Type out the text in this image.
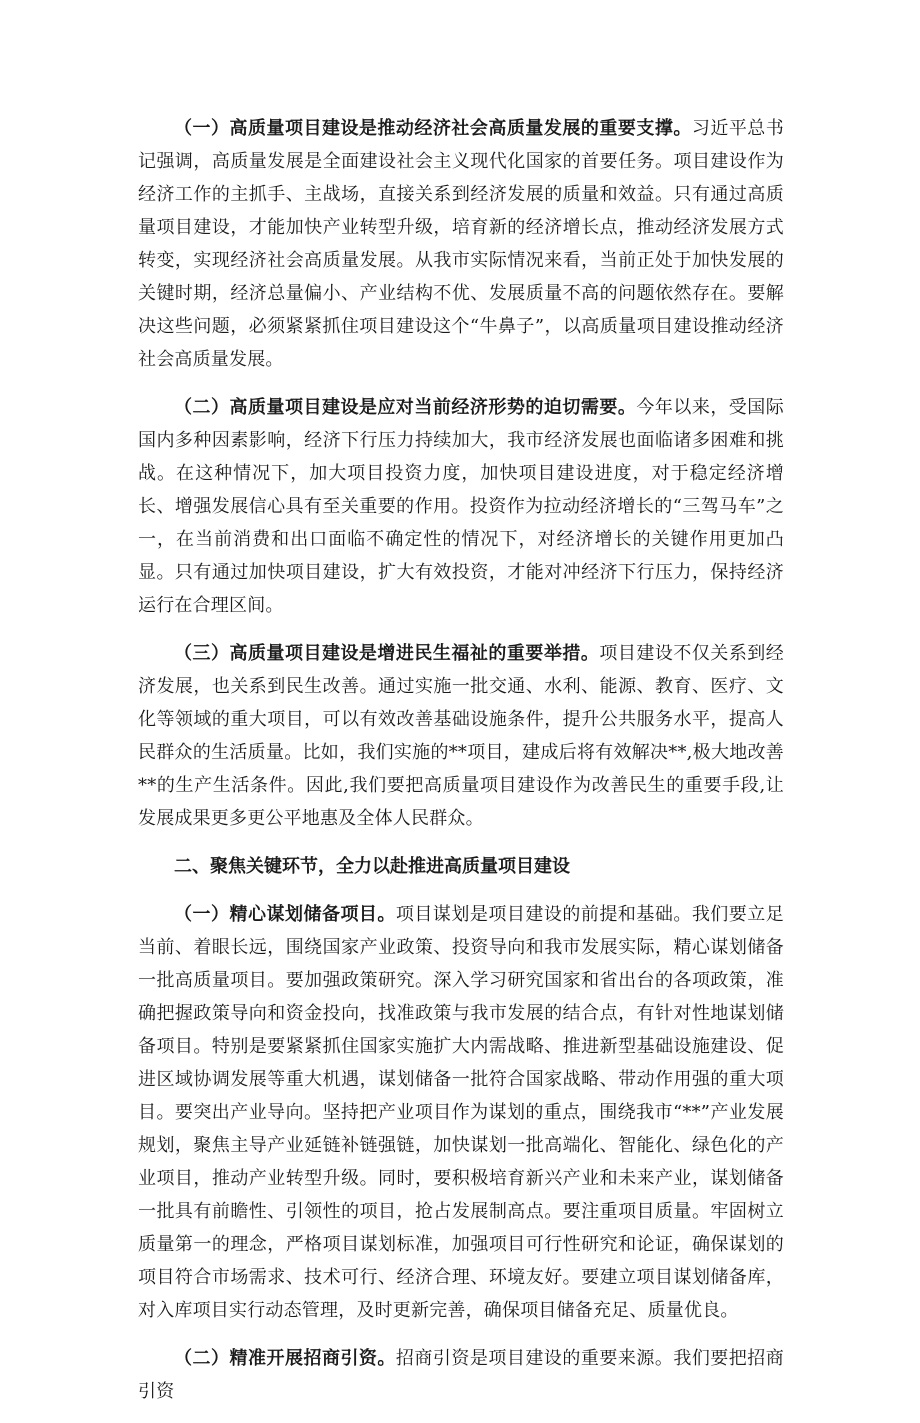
（一）高质量项目建设是推动经济社会高质量发展的重要支撑。习近平总书记强调，高质量发展是全面建设社会主义现代化国家的首要任务。项目建设作为经济工作的主抓手、主战场，直接关系到经济发展的质量和效益。只有通过高质量项目建设，才能加快产业转型升级，培育新的经济增长点，推动经济发展方式转变，实现经济社会高质量发展。从我市实际情况来看，当前正处于加快发展的关键时期，经济总量偏小、产业结构不优、发展质量不高的问题依然存在。要解决这些问题，必须紧紧抓住项目建设这个“牛鼻子”，以高质量项目建设推动经济社会高质量发展。

（二）高质量项目建设是应对当前经济形势的迫切需要。今年以来，受国际国内多种因素影响，经济下行压力持续加大，我市经济发展也面临诸多困难和挑战。在这种情况下，加大项目投资力度，加快项目建设进度，对于稳定经济增长、增强发展信心具有至关重要的作用。投资作为拉动经济增长的“三驾马车”之一，在当前消费和出口面临不确定性的情况下，对经济增长的关键作用更加凸显。只有通过加快项目建设，扩大有效投资，才能对冲经济下行压力，保持经济运行在合理区间。

（三）高质量项目建设是增进民生福祉的重要举措。项目建设不仅关系到经济发展，也关系到民生改善。通过实施一批交通、水利、能源、教育、医疗、文化等领域的重大项目，可以有效改善基础设施条件，提升公共服务水平，提高人民群众的生活质量。比如，我们实施的**项目，建成后将有效解决**,极大地改善**的生产生活条件。因此,我们要把高质量项目建设作为改善民生的重要手段,让发展成果更多更公平地惠及全体人民群众。

二、聚焦关键环节，全力以赴推进高质量项目建设

（一）精心谋划储备项目。项目谋划是项目建设的前提和基础。我们要立足当前、着眼长远，围绕国家产业政策、投资导向和我市发展实际，精心谋划储备一批高质量项目。要加强政策研究。深入学习研究国家和省出台的各项政策，准确把握政策导向和资金投向，找准政策与我市发展的结合点，有针对性地谋划储备项目。特别是要紧紧抓住国家实施扩大内需战略、推进新型基础设施建设、促进区域协调发展等重大机遇，谋划储备一批符合国家战略、带动作用强的重大项目。要突出产业导向。坚持把产业项目作为谋划的重点，围绕我市“**”产业发展规划，聚焦主导产业延链补链强链，加快谋划一批高端化、智能化、绿色化的产业项目，推动产业转型升级。同时，要积极培育新兴产业和未来产业，谋划储备一批具有前瞻性、引领性的项目，抢占发展制高点。要注重项目质量。牢固树立质量第一的理念，严格项目谋划标准，加强项目可行性研究和论证，确保谋划的项目符合市场需求、技术可行、经济合理、环境友好。要建立项目谋划储备库，对入库项目实行动态管理，及时更新完善，确保项目储备充足、质量优良。

（二）精准开展招商引资。招商引资是项目建设的重要来源。我们要把招商引资
